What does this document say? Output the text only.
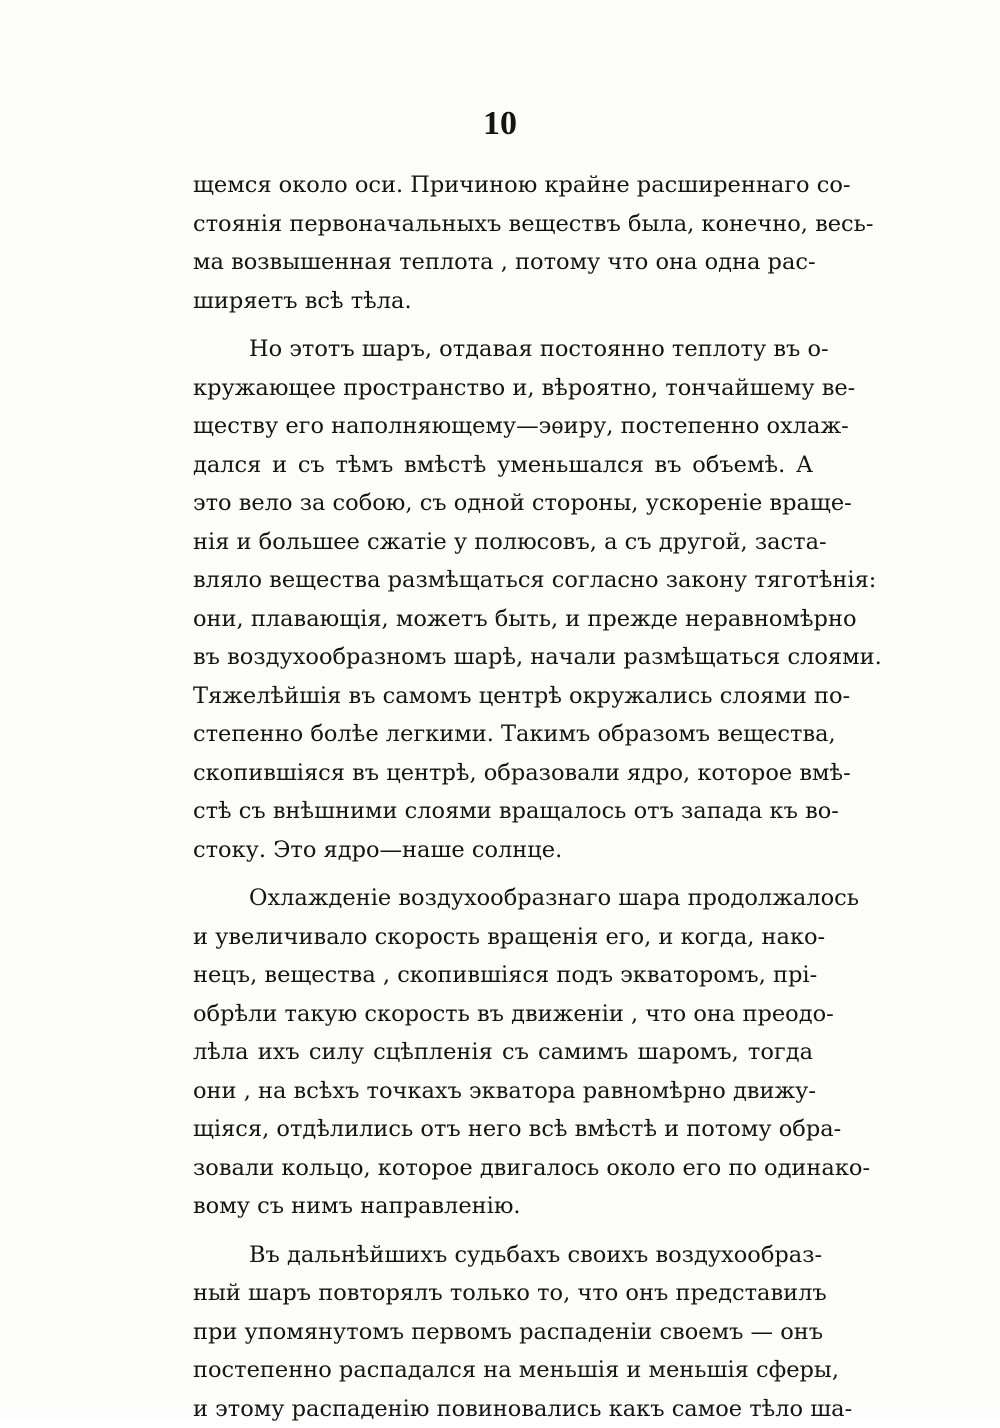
10
щемся около оси. Причиною крайне расширеннаго со-
стоянія первоначальныхъ веществъ была, конечно, весь-
ма возвышенная теплота , потому что она одна рас-
ширяетъ всѣ тѣла.
Но этотъ шаръ, отдавая постоянно теплоту въ о-
кружающее пространство и, вѣроятно, тончайшему ве-
ществу его наполняющему—эѳиру, постепенно охлаж-
дался и съ тѣмъ вмѣстѣ уменьшался въ объемѣ. А
это вело за собою, съ одной стороны, ускореніе враще-
нія и большее сжатіе у полюсовъ, а съ другой, заста-
вляло вещества размѣщаться согласно закону тяготѣнія:
они, плавающія, можетъ быть, и прежде неравномѣрно
въ воздухообразномъ шарѣ, начали размѣщаться слоями.
Тяжелѣйшія въ самомъ центрѣ окружались слоями по-
степенно болѣе легкими. Такимъ образомъ вещества,
скопившіяся въ центрѣ, образовали ядро, которое вмѣ-
стѣ съ внѣшними слоями вращалось отъ запада къ во-
стоку. Это ядро—наше солнце.
Охлажденіе воздухообразнаго шара продолжалось
и увеличивало скорость вращенія его, и когда, нако-
нецъ, вещества , скопившіяся подъ экваторомъ, прі-
обрѣли такую скорость въ движеніи , что она преодо-
лѣла ихъ силу сцѣпленія съ самимъ шаромъ, тогда
они , на всѣхъ точкахъ экватора равномѣрно движу-
щіяся, отдѣлились отъ него всѣ вмѣстѣ и потому обра-
зовали кольцо, которое двигалось около его по одинако-
вому съ нимъ направленію.
Въ дальнѣйшихъ судьбахъ своихъ воздухообраз-
ный шаръ повторялъ только то, что онъ представилъ
при упомянутомъ первомъ распаденіи своемъ — онъ
постепенно распадался на меньшія и меньшія сферы,
и этому распаденію повиновались какъ самое тѣло ша-
